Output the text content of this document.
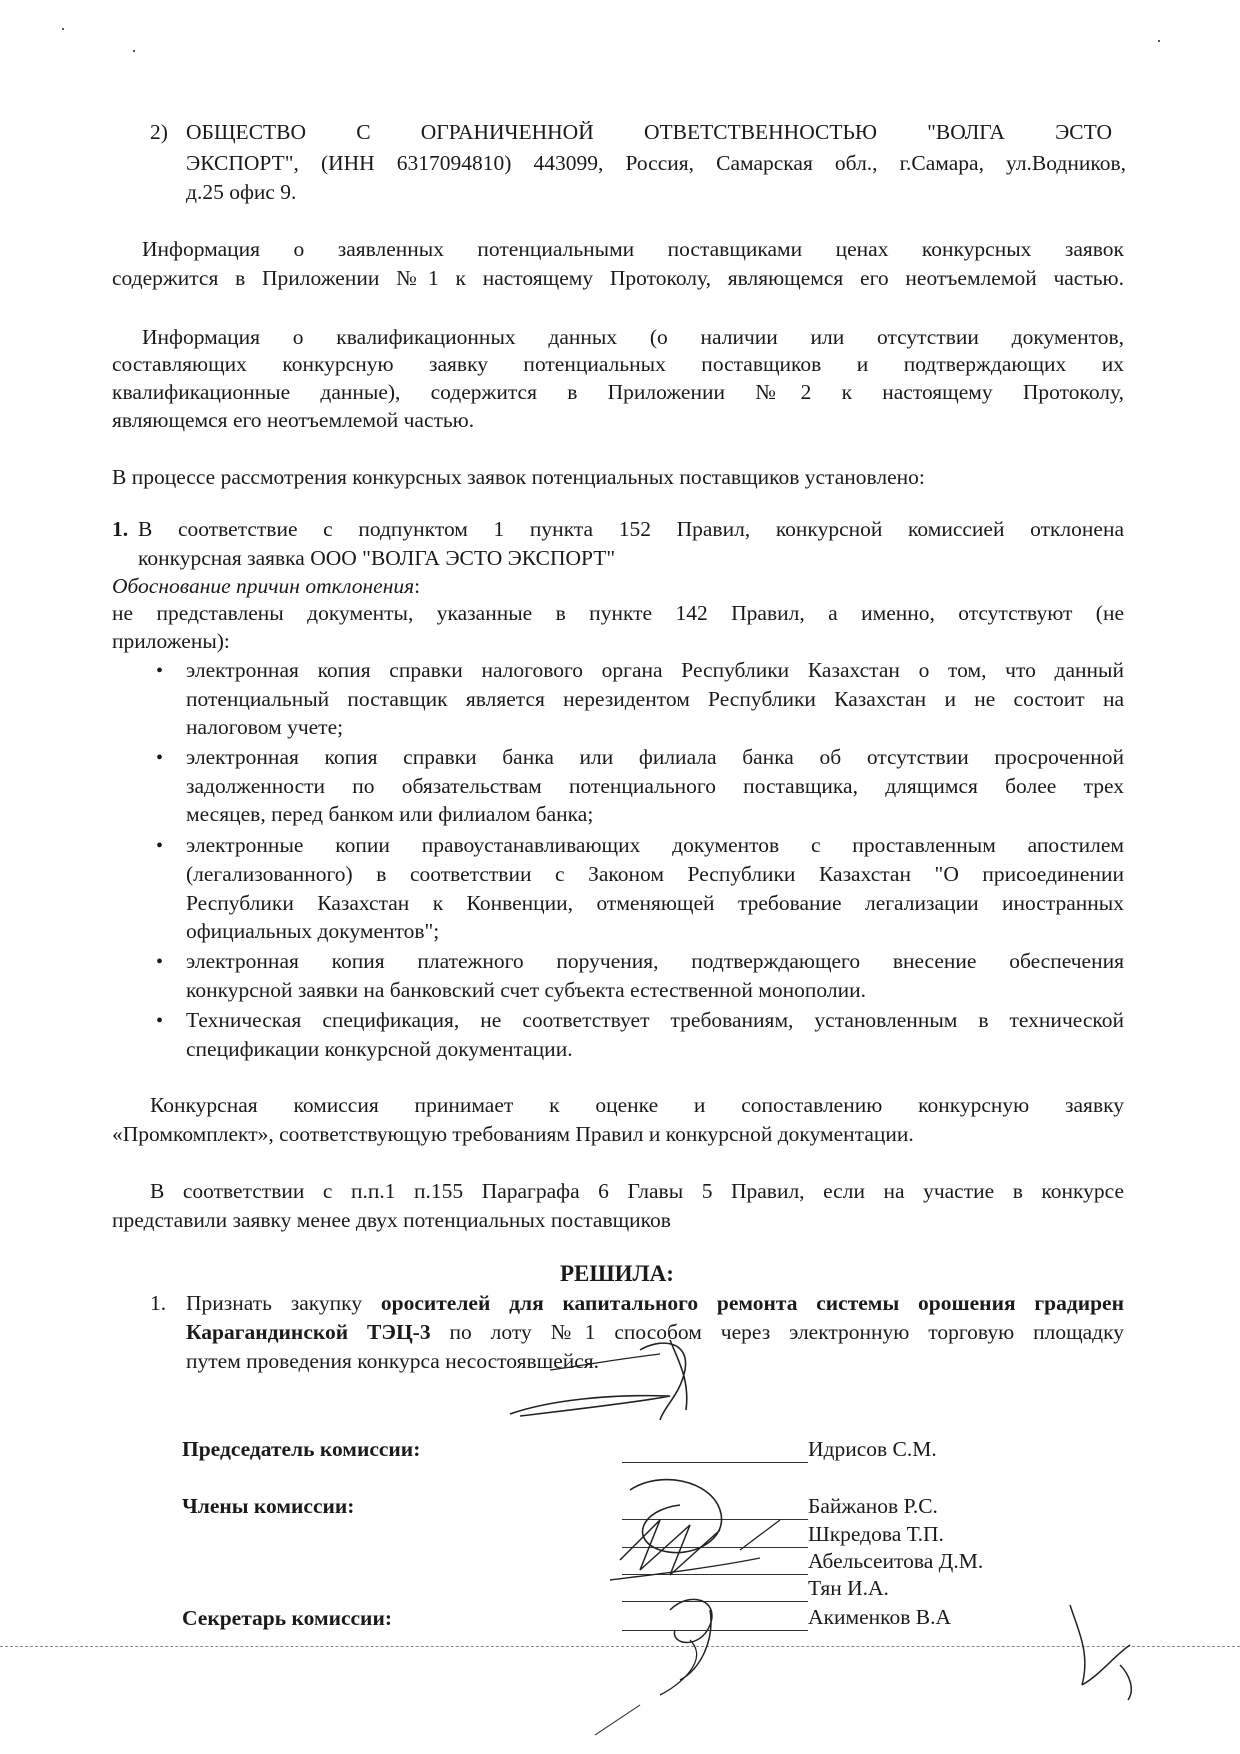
2) ОБЩЕСТВО С ОГРАНИЧЕННОЙ ОТВЕТСТВЕННОСТЬЮ "ВОЛГА ЭСТО
ЭКСПОРТ", (ИНН 6317094810) 443099, Россия, Самарская обл., г.Самара, ул.Водников,
д.25 офис 9.
Информация о заявленных потенциальными поставщиками ценах конкурсных заявок
содержится в Приложении №1 к настоящему Протоколу, являющемся его неотъемлемой частью.
Информация о квалификационных данных (о наличии или отсутствии документов,
составляющих конкурсную заявку потенциальных поставщиков и подтверждающих их
квалификационные данные), содержится в Приложении №2 к настоящему Протоколу,
являющемся его неотъемлемой частью.
В процессе рассмотрения конкурсных заявок потенциальных поставщиков установлено:
1. В соответствие с подпунктом 1 пункта 152 Правил, конкурсной комиссией отклонена
конкурсная заявка ООО "ВОЛГА ЭСТО ЭКСПОРТ"
Обоснование причин отклонения:
не представлены документы, указанные в пункте 142 Правил, а именно, отсутствуют (не
приложены):
• электронная копия справки налогового органа Республики Казахстан о том, что данный
потенциальный поставщик является нерезидентом Республики Казахстан и не состоит на
налоговом учете;
• электронная копия справки банка или филиала банка об отсутствии просроченной
задолженности по обязательствам потенциального поставщика, длящимся более трех
месяцев, перед банком или филиалом банка;
• электронные копии правоустанавливающих документов с проставленным апостилем
(легализованного) в соответствии с Законом Республики Казахстан "О присоединении
Республики Казахстан к Конвенции, отменяющей требование легализации иностранных
официальных документов";
• электронная копия платежного поручения, подтверждающего внесение обеспечения
конкурсной заявки на банковский счет субъекта естественной монополии.
• Техническая спецификация, не соответствует требованиям, установленным в технической
спецификации конкурсной документации.
Конкурсная комиссия принимает к оценке и сопоставлению конкурсную заявку
«Промкомплект», соответствующую требованиям Правил и конкурсной документации.
В соответствии с п.п.1 п.155 Параграфа 6 Главы 5 Правил, если на участие в конкурсе
представили заявку менее двух потенциальных поставщиков
РЕШИЛА:
1. Признать закупку оросителей для капитального ремонта системы орошения градирен
Карагандинской ТЭЦ-3 по лоту №1 способом через электронную торговую площадку
путем проведения конкурса несостоявшейся.
Председатель комиссии:	Идрисов С.М.
Члены комиссии:	Байжанов Р.С.
Шкредова Т.П.
Абельсеитова Д.М.
Тян И.А.
Секретарь комиссии:	Акименков В.А
